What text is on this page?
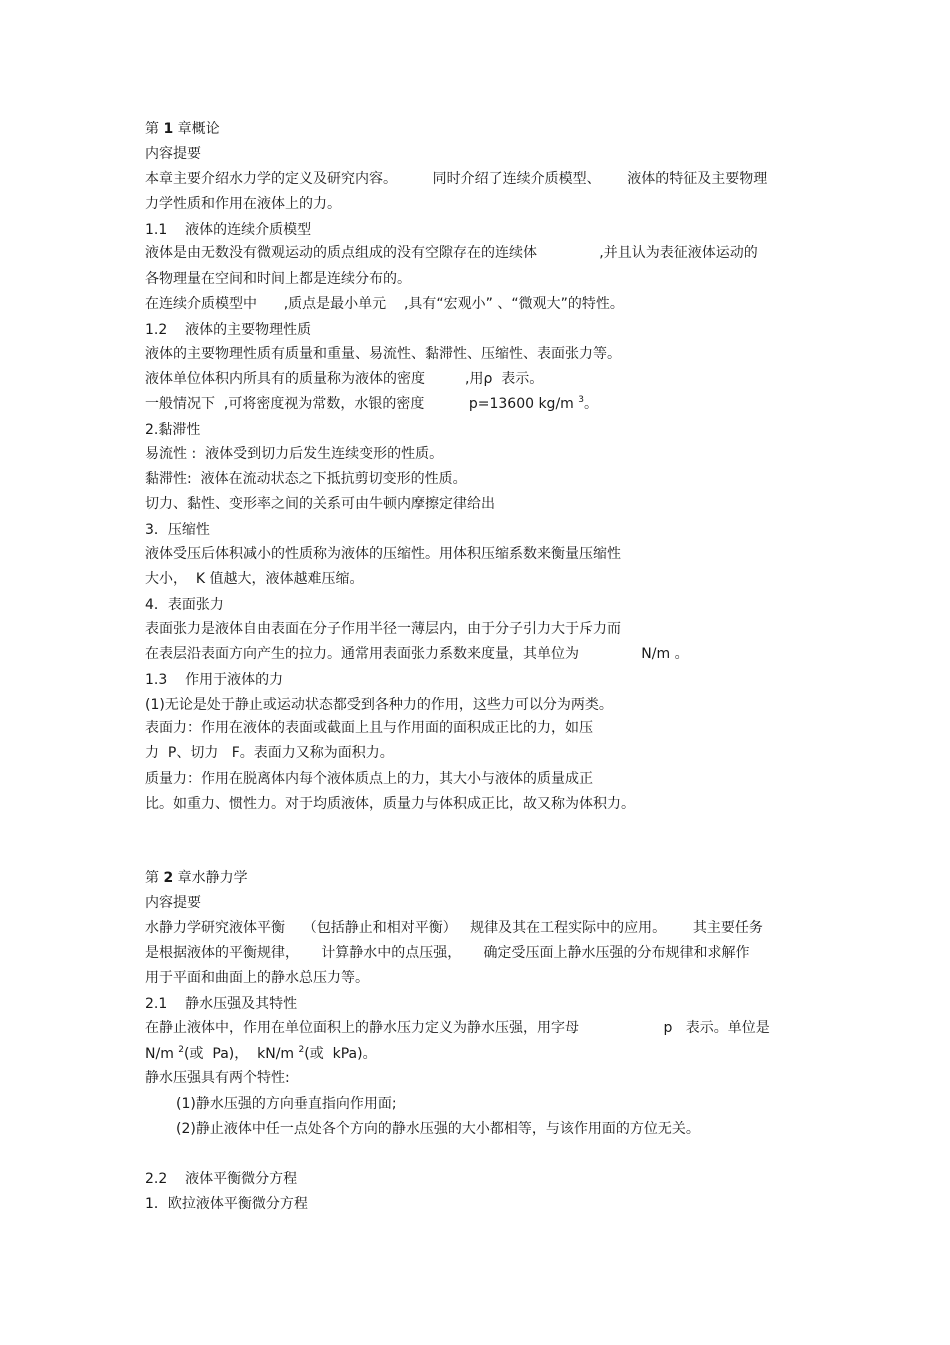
第 1 章概论

内容提要

本章主要介绍水力学的定义及研究内容。        同时介绍了连续介质模型、      液体的特征及主要物理

力学性质和作用在液体上的力。

1.1    液体的连续介质模型

液体是由无数没有微观运动的质点组成的没有空隙存在的连续体              ,并且认为表征液体运动的

各物理量在空间和时间上都是连续分布的。

在连续介质模型中      ,质点是最小单元    ,具有“宏观小” 、“微观大”的特性。

1.2    液体的主要物理性质

液体的主要物理性质有质量和重量、易流性、黏滞性、压缩性、表面张力等。

液体单位体积内所具有的质量称为液体的密度         ,用ρ  表示。

一般情况下  ,可将密度视为常数，水银的密度          p=13600 kg/m $^3$。

2.黏滞性

易流性 :  液体受到切力后发生连续变形的性质。

黏滞性:  液体在流动状态之下抵抗剪切变形的性质。

切力、黏性、变形率之间的关系可由牛顿内摩擦定律给出

3．压缩性

液体受压后体积减小的性质称为液体的压缩性。用体积压缩系数来衡量压缩性

大小，  K 值越大，液体越难压缩。

4．表面张力

表面张力是液体自由表面在分子作用半径一薄层内，由于分子引力大于斥力而

在表层沿表面方向产生的拉力。通常用表面张力系数来度量，其单位为              N/m 。

1.3    作用于液体的力

(1)无论是处于静止或运动状态都受到各种力的作用，这些力可以分为两类。

表面力：作用在液体的表面或截面上且与作用面的面积成正比的力，如压

力  P、切力   F。表面力又称为面积力。

质量力：作用在脱离体内每个液体质点上的力，其大小与液体的质量成正

比。如重力、惯性力。对于均质液体，质量力与体积成正比，故又称为体积力。

第 2 章水静力学

内容提要

水静力学研究液体平衡    （包括静止和相对平衡）   规律及其在工程实际中的应用。      其主要任务

是根据液体的平衡规律，     计算静水中的点压强，     确定受压面上静水压强的分布规律和求解作

用于平面和曲面上的静水总压力等。

2.1    静水压强及其特性

在静止液体中，作用在单位面积上的静水压力定义为静水压强，用字母                   p   表示。单位是

N/m $^2$(或  Pa)，  kN/m $^2$(或  kPa)。

静水压强具有两个特性:

(1)静水压强的方向垂直指向作用面;

(2)静止液体中任一点处各个方向的静水压强的大小都相等，与该作用面的方位无关。

2.2    液体平衡微分方程

1．欧拉液体平衡微分方程
